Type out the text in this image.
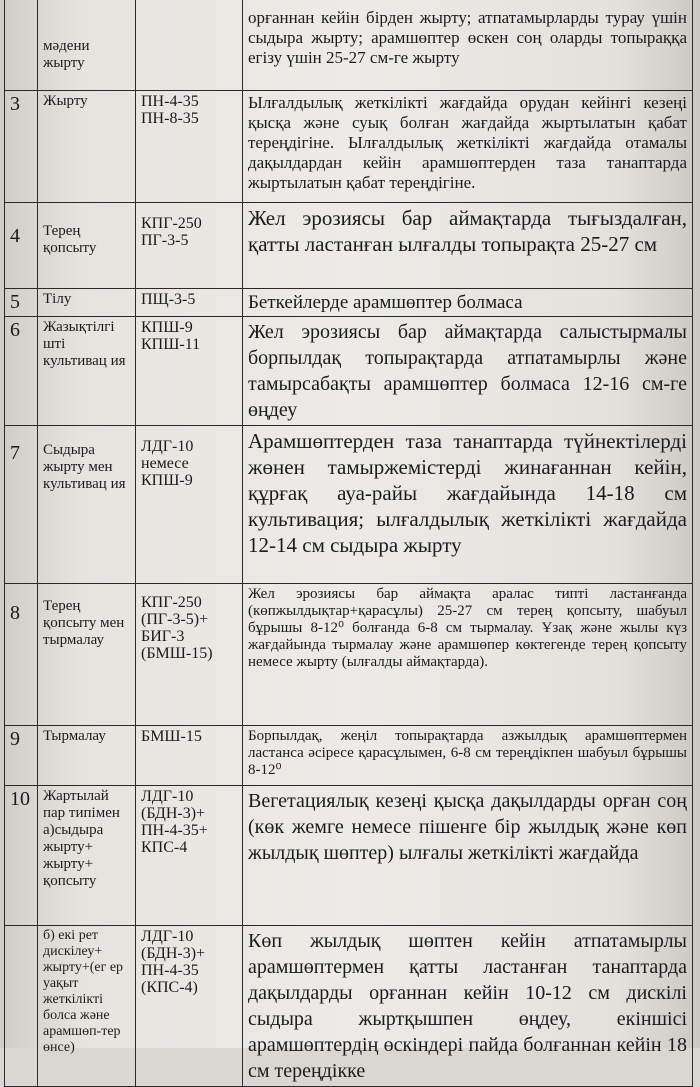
	мәдени жырту		орғаннан кейін бірден жырту; атпатамырларды турау үшін сыдыра жырту; арамшөптер өскен соң оларды топыраққа егізу үшін 25-27 см-ге жырту
3	Жырту	ПН-4-35 ПН-8-35	Ылғалдылық жеткілікті жағдайда орудан кейінгі кезеңі қысқа және суық болған жағдайда жыртылатын қабат тереңдігіне. Ылғалдылық жеткілікті жағдайда отамалы дақылдардан кейін арамшөптерден таза танаптарда жыртылатын қабат тереңдігіне.
4	Терең қопсыту	КПГ-250 ПГ-3-5	Жел эрозиясы бар аймақтарда тығыздалған, қатты ластанған ылғалды топырақта 25-27 см
5	Тілу	ПЩ-3-5	Беткейлерде арамшөптер болмаса
6	Жазықтілгі шті культивац ия	КПШ-9 КПШ-11	Жел эрозиясы бар аймақтарда салыстырмалы борпылдақ топырақтарда атпатамырлы және тамырсабақты арамшөптер болмаса 12-16 см-ге өңдеу
7	Сыдыра жырту мен культивац ия	ЛДГ-10 немесе КПШ-9	Арамшөптерден таза танаптарда түйнектілерді жөнен тамыржемістерді жинағаннан кейін, құрғақ ауа-райы жағдайында 14-18 см культивация; ылғалдылық жеткілікті жағдайда 12-14 см сыдыра жырту
8	Терең қопсыту мен тырмалау	КПГ-250 (ПГ-3-5)+ БИГ-3 (БМШ-15)	Жел эрозиясы бар аймақта аралас типті ластанғанда (көпжылдықтар+қарасұлы) 25-27 см терең қопсыту, шабуыл бұрышы 8-12⁰ болғанда 6-8 см тырмалау. Ұзақ және жылы күз жағдайында тырмалау және арамшөпер көктегенде терең қопсыту немесе жырту (ылғалды аймақтарда).
9	Тырмалау	БМШ-15	Борпылдақ, жеңіл топырақтарда азжылдық арамшөптермен ластанса әсіресе қарасұлымен, 6-8 см тереңдікпен шабуыл бұрышы 8-12⁰
10	Жартылай пар типімен а)сыдыра жырту+ жырту+ қопсыту	ЛДГ-10 (БДН-3)+ ПН-4-35+ КПС-4	Вегетациялық кезеңі қысқа дақылдарды орған соң (көк жемге немесе пішенге бір жылдық және көп жылдық шөптер) ылғалы жеткілікті жағдайда
	б) екі рет дискілеу+ жырту+(ег ер уақыт жеткілікті болса және арамшөп-тер өнсе)	ЛДГ-10 (БДН-3)+ ПН-4-35 (КПС-4)	Көп жылдық шөптен кейін атпатамырлы арамшөптермен қатты ластанған танаптарда дақылдарды орғаннан кейін 10-12 см дискілі сыдыра жыртқышпен өңдеу, екіншісі арамшөптердің өскіндері пайда болғаннан кейін 18 см тереңдікке
